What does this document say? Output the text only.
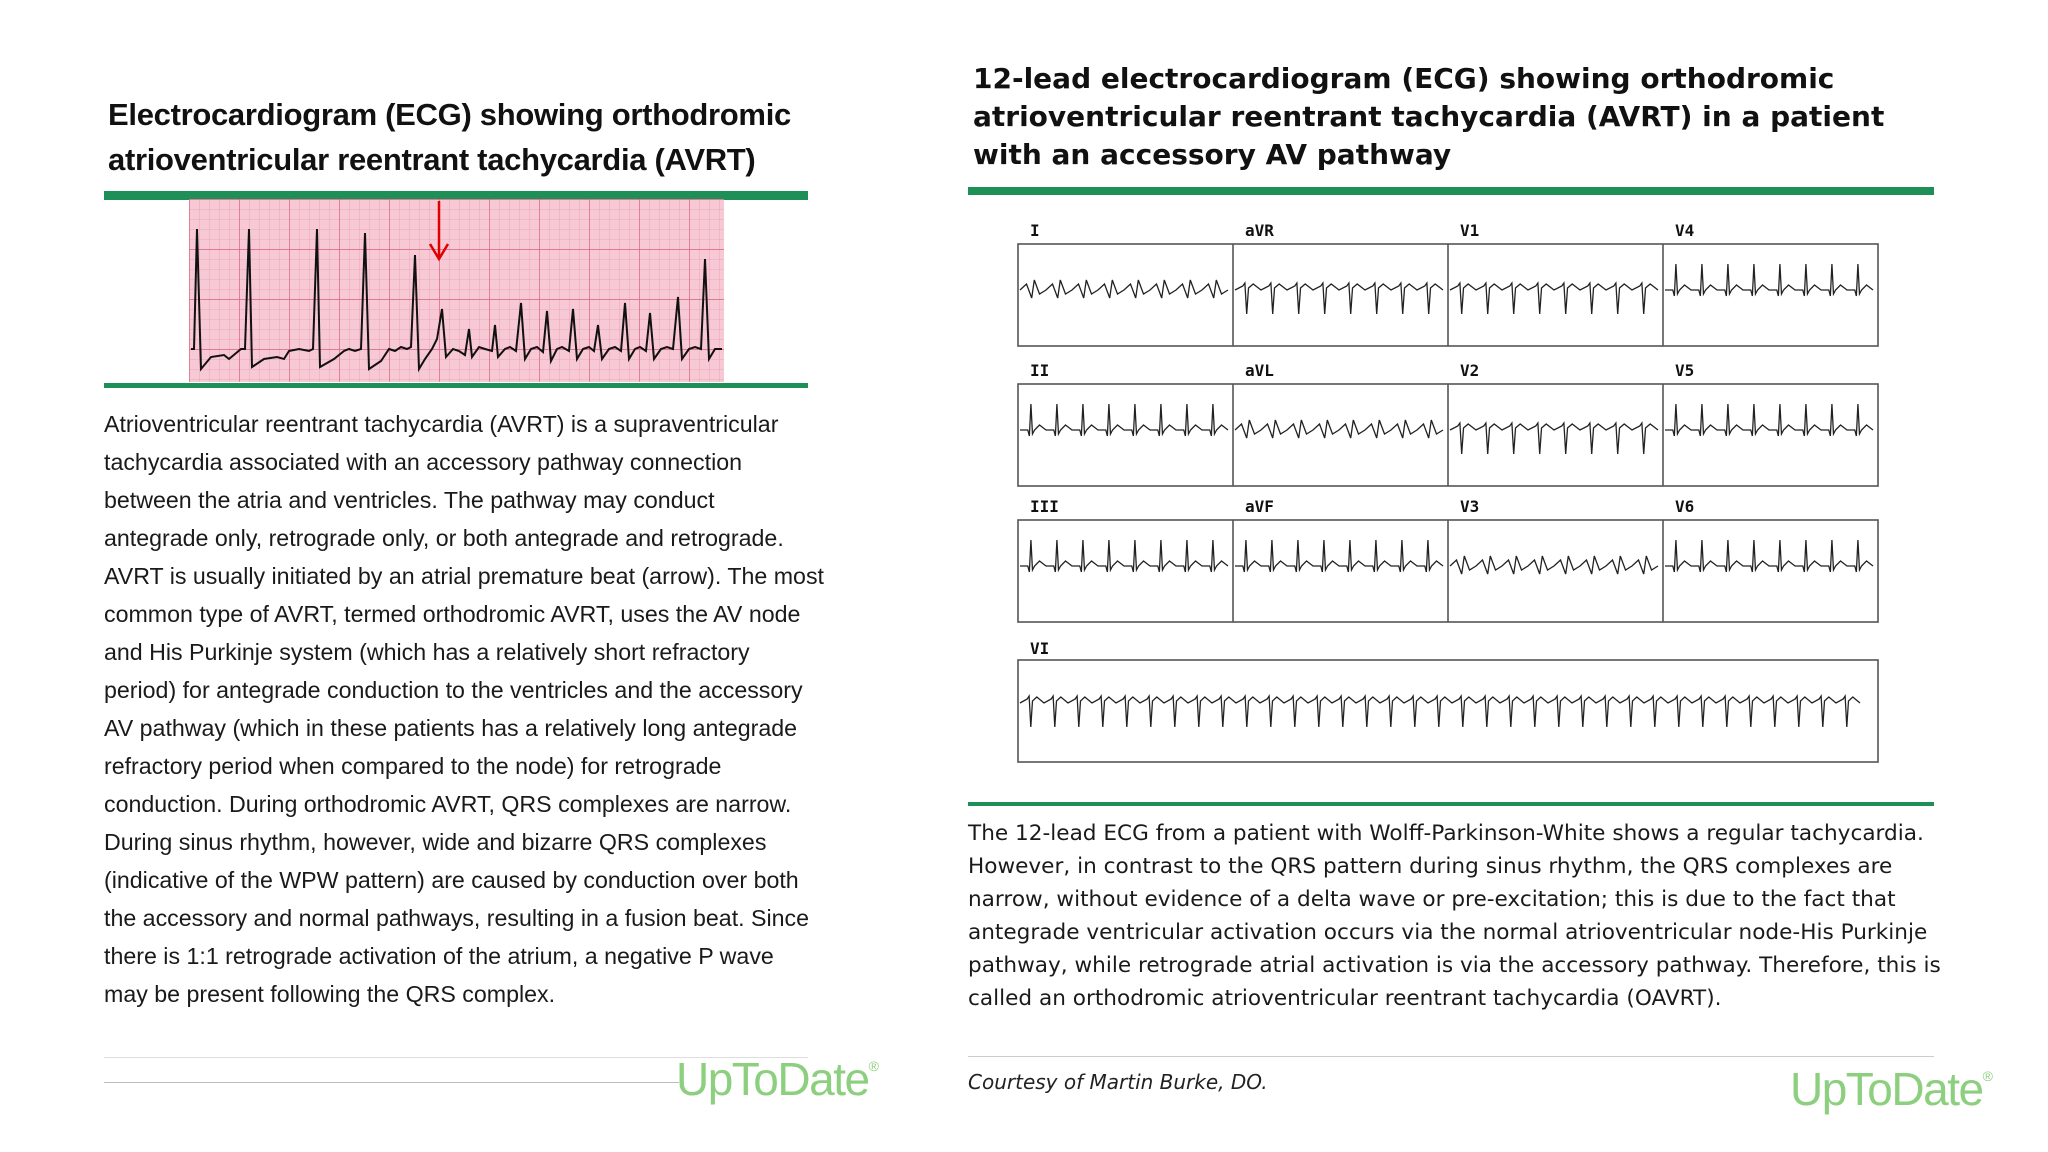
Electrocardiogram (ECG) showing orthodromic atrioventricular reentrant tachycardia (AVRT)
Atrioventricular reentrant tachycardia (AVRT) is a supraventricular tachycardia associated with an accessory pathway connection between the atria and ventricles. The pathway may conduct antegrade only, retrograde only, or both antegrade and retrograde. AVRT is usually initiated by an atrial premature beat (arrow). The most common type of AVRT, termed orthodromic AVRT, uses the AV node and His Purkinje system (which has a relatively short refractory period) for antegrade conduction to the ventricles and the accessory AV pathway (which in these patients has a relatively long antegrade refractory period when compared to the node) for retrograde conduction. During orthodromic AVRT, QRS complexes are narrow. During sinus rhythm, however, wide and bizarre QRS complexes (indicative of the WPW pattern) are caused by conduction over both the accessory and normal pathways, resulting in a fusion beat. Since there is 1:1 retrograde activation of the atrium, a negative P wave may be present following the QRS complex.
UpToDate®
12-lead electrocardiogram (ECG) showing orthodromic atrioventricular reentrant tachycardia (AVRT) in a patient with an accessory AV pathway
I	aVR	V1	V4
II	aVL	V2	V5
III	aVF	V3	V6
VI
The 12-lead ECG from a patient with Wolff-Parkinson-White shows a regular tachycardia. However, in contrast to the QRS pattern during sinus rhythm, the QRS complexes are narrow, without evidence of a delta wave or pre-excitation; this is due to the fact that antegrade ventricular activation occurs via the normal atrioventricular node-His Purkinje pathway, while retrograde atrial activation is via the accessory pathway. Therefore, this is called an orthodromic atrioventricular reentrant tachycardia (OAVRT).
Courtesy of Martin Burke, DO.	UpToDate®
